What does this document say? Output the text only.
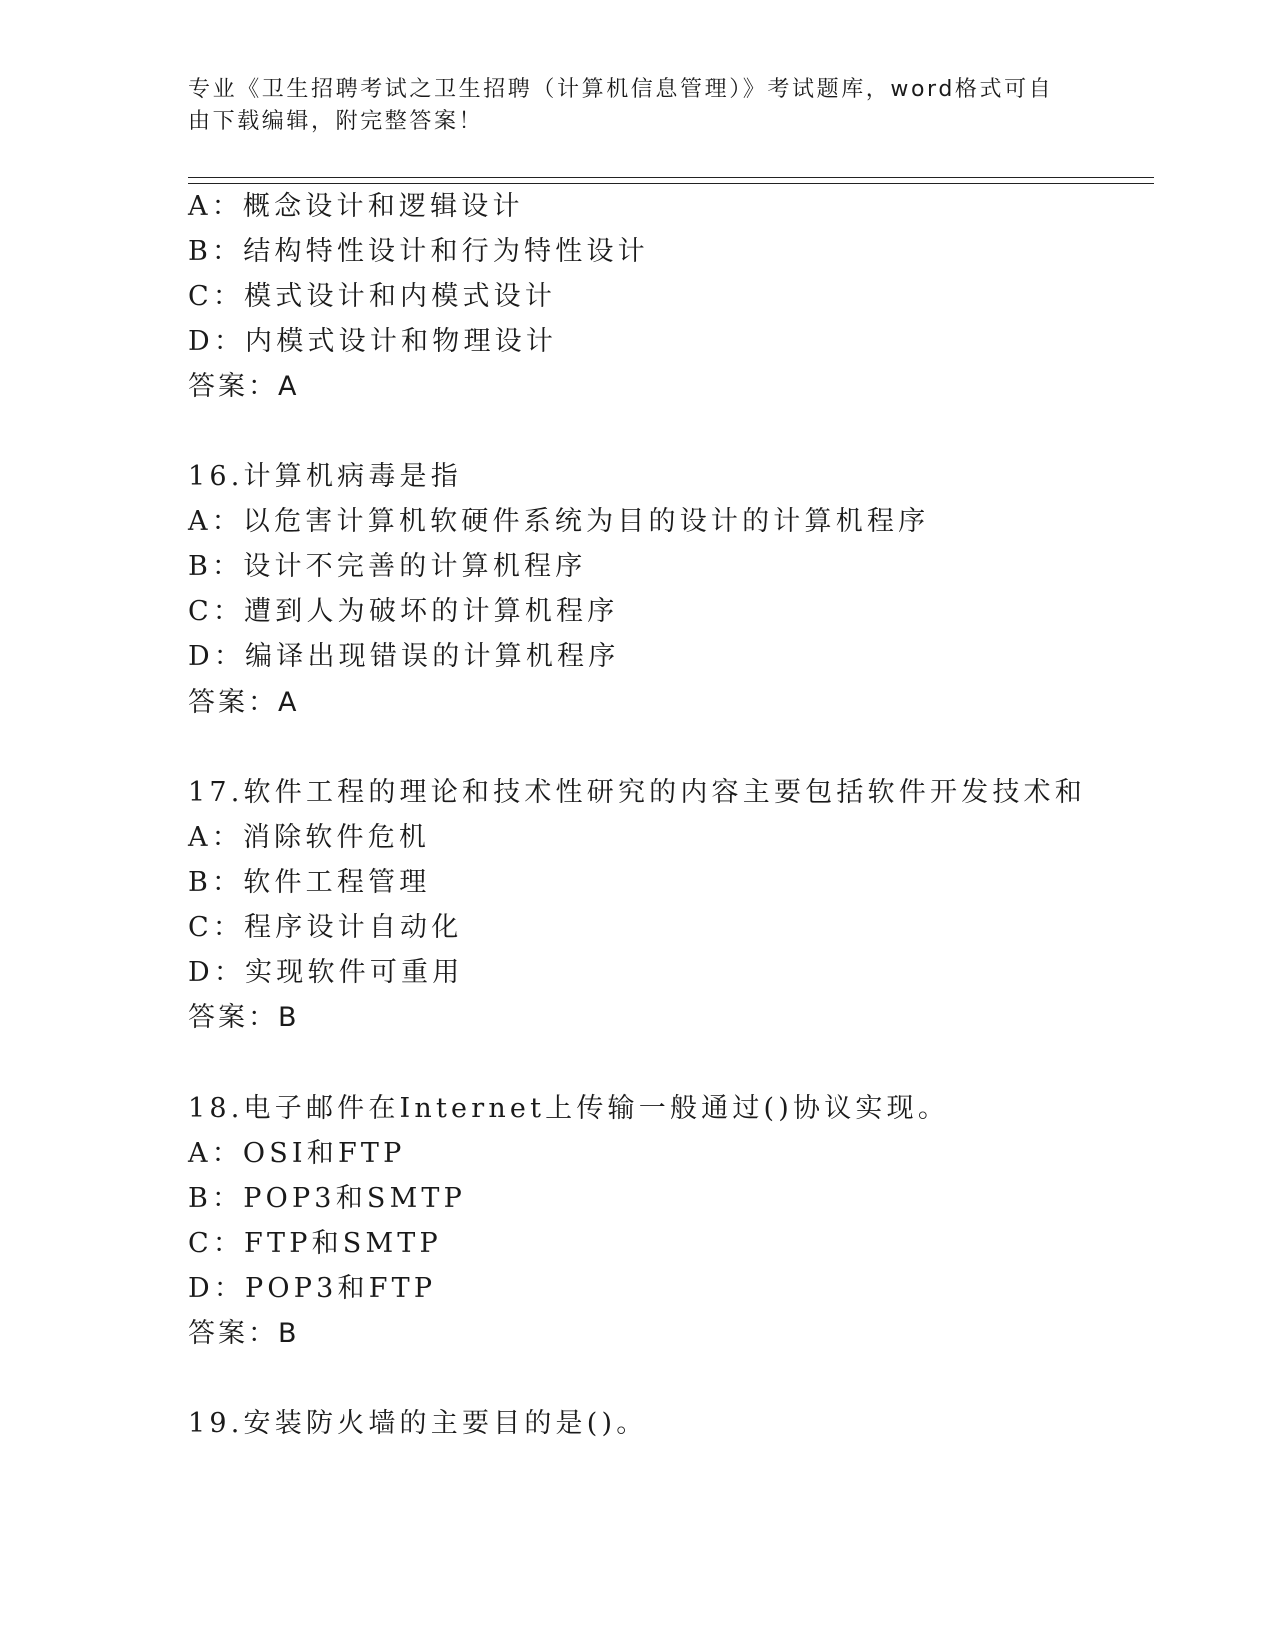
专业《卫生招聘考试之卫生招聘（计算机信息管理）》考试题库，word格式可自
由下载编辑，附完整答案！
A：概念设计和逻辑设计
B：结构特性设计和行为特性设计
C：模式设计和内模式设计
D：内模式设计和物理设计
答案：A
16.计算机病毒是指
A：以危害计算机软硬件系统为目的设计的计算机程序
B：设计不完善的计算机程序
C：遭到人为破坏的计算机程序
D：编译出现错误的计算机程序
答案：A
17.软件工程的理论和技术性研究的内容主要包括软件开发技术和
A：消除软件危机
B：软件工程管理
C：程序设计自动化
D：实现软件可重用
答案：B
18.电子邮件在Internet上传输一般通过()协议实现。
A：OSI和FTP
B：POP3和SMTP
C：FTP和SMTP
D：POP3和FTP
答案：B
19.安装防火墙的主要目的是()。
